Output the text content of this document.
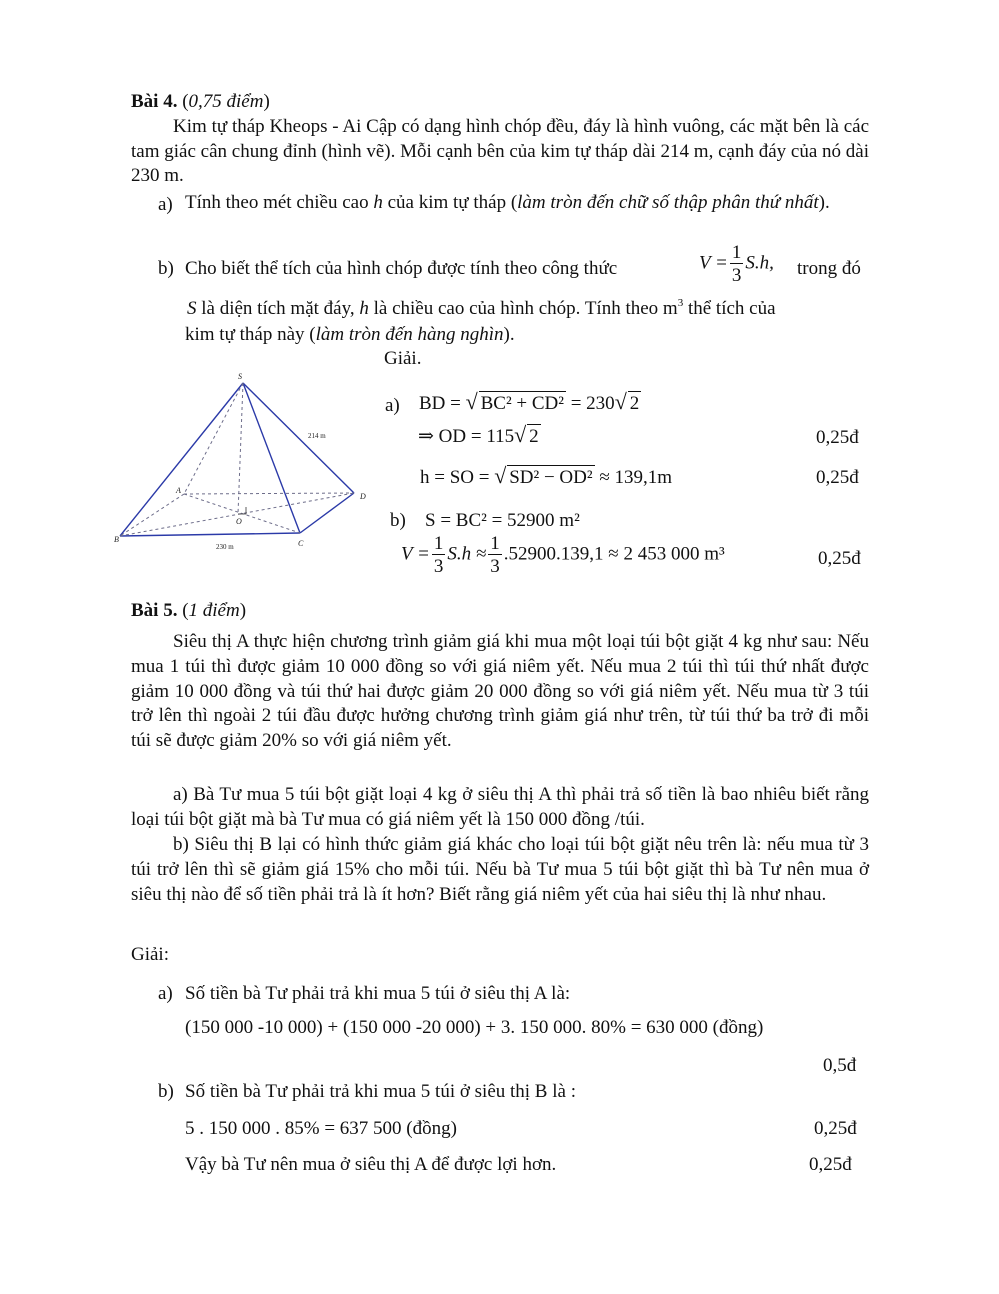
Bài 4. (0,75 điểm)
Kim tự tháp Kheops - Ai Cập có dạng hình chóp đều, đáy là hình vuông, các mặt bên là các tam giác cân chung đỉnh (hình vẽ). Mỗi cạnh bên của kim tự tháp dài 214 m, cạnh đáy của nó dài 230 m.
a) Tính theo mét chiều cao h của kim tự tháp (làm tròn đến chữ số thập phân thứ nhất).
b) Cho biết thể tích của hình chóp được tính theo công thức	$V = \frac{1}{3} S.h$, trong đó
S là diện tích mặt đáy, h là chiều cao của hình chóp. Tính theo $m^3$ thể tích của
kim tự tháp này (làm tròn đến hàng nghìn).
Giải.
S
A
B	C
D
O
214 m
230 m
a) BD = √ BC² + CD² = 230 √ 2
⇒ OD = 115 √ 2	0,25đ
h = SO = √ SD² − OD² ≈ 139,1m	0,25đ
b) S = BC² = 52900 m²
$V = \frac{1}{3} S.h \approx \frac{1}{3} .52900.139,1 \approx 2$ 453 000 m³	0,25đ
Bài 5. (1 điểm)
Siêu thị A thực hiện chương trình giảm giá khi mua một loại túi bột giặt 4 kg như sau: Nếu mua 1 túi thì được giảm 10 000 đồng so với giá niêm yết. Nếu mua 2 túi thì túi thứ nhất được giảm 10 000 đồng và túi thứ hai được giảm 20 000 đồng so với giá niêm yết. Nếu mua từ 3 túi trở lên thì ngoài 2 túi đầu được hưởng chương trình giảm giá như trên, từ túi thứ ba trở đi mỗi túi sẽ được giảm 20% so với giá niêm yết.
a) Bà Tư mua 5 túi bột giặt loại 4 kg ở siêu thị A thì phải trả số tiền là bao nhiêu biết rằng loại túi bột giặt mà bà Tư mua có giá niêm yết là 150 000 đồng /túi.
b) Siêu thị B lại có hình thức giảm giá khác cho loại túi bột giặt nêu trên là: nếu mua từ 3 túi trở lên thì sẽ giảm giá 15% cho mỗi túi. Nếu bà Tư mua 5 túi bột giặt thì bà Tư nên mua ở siêu thị nào để số tiền phải trả là ít hơn? Biết rằng giá niêm yết của hai siêu thị là như nhau.
Giải:
a) Số tiền bà Tư phải trả khi mua 5 túi ở siêu thị A là:
(150 000 -10 000) + (150 000 -20 000) + 3. 150 000. 80% = 630 000 (đồng)
0,5đ
b) Số tiền bà Tư phải trả khi mua 5 túi ở siêu thị B là :
5 . 150 000 . 85% = 637 500 (đồng)	0,25đ
Vậy bà Tư nên mua ở siêu thị A để được lợi hơn.	0,25đ
